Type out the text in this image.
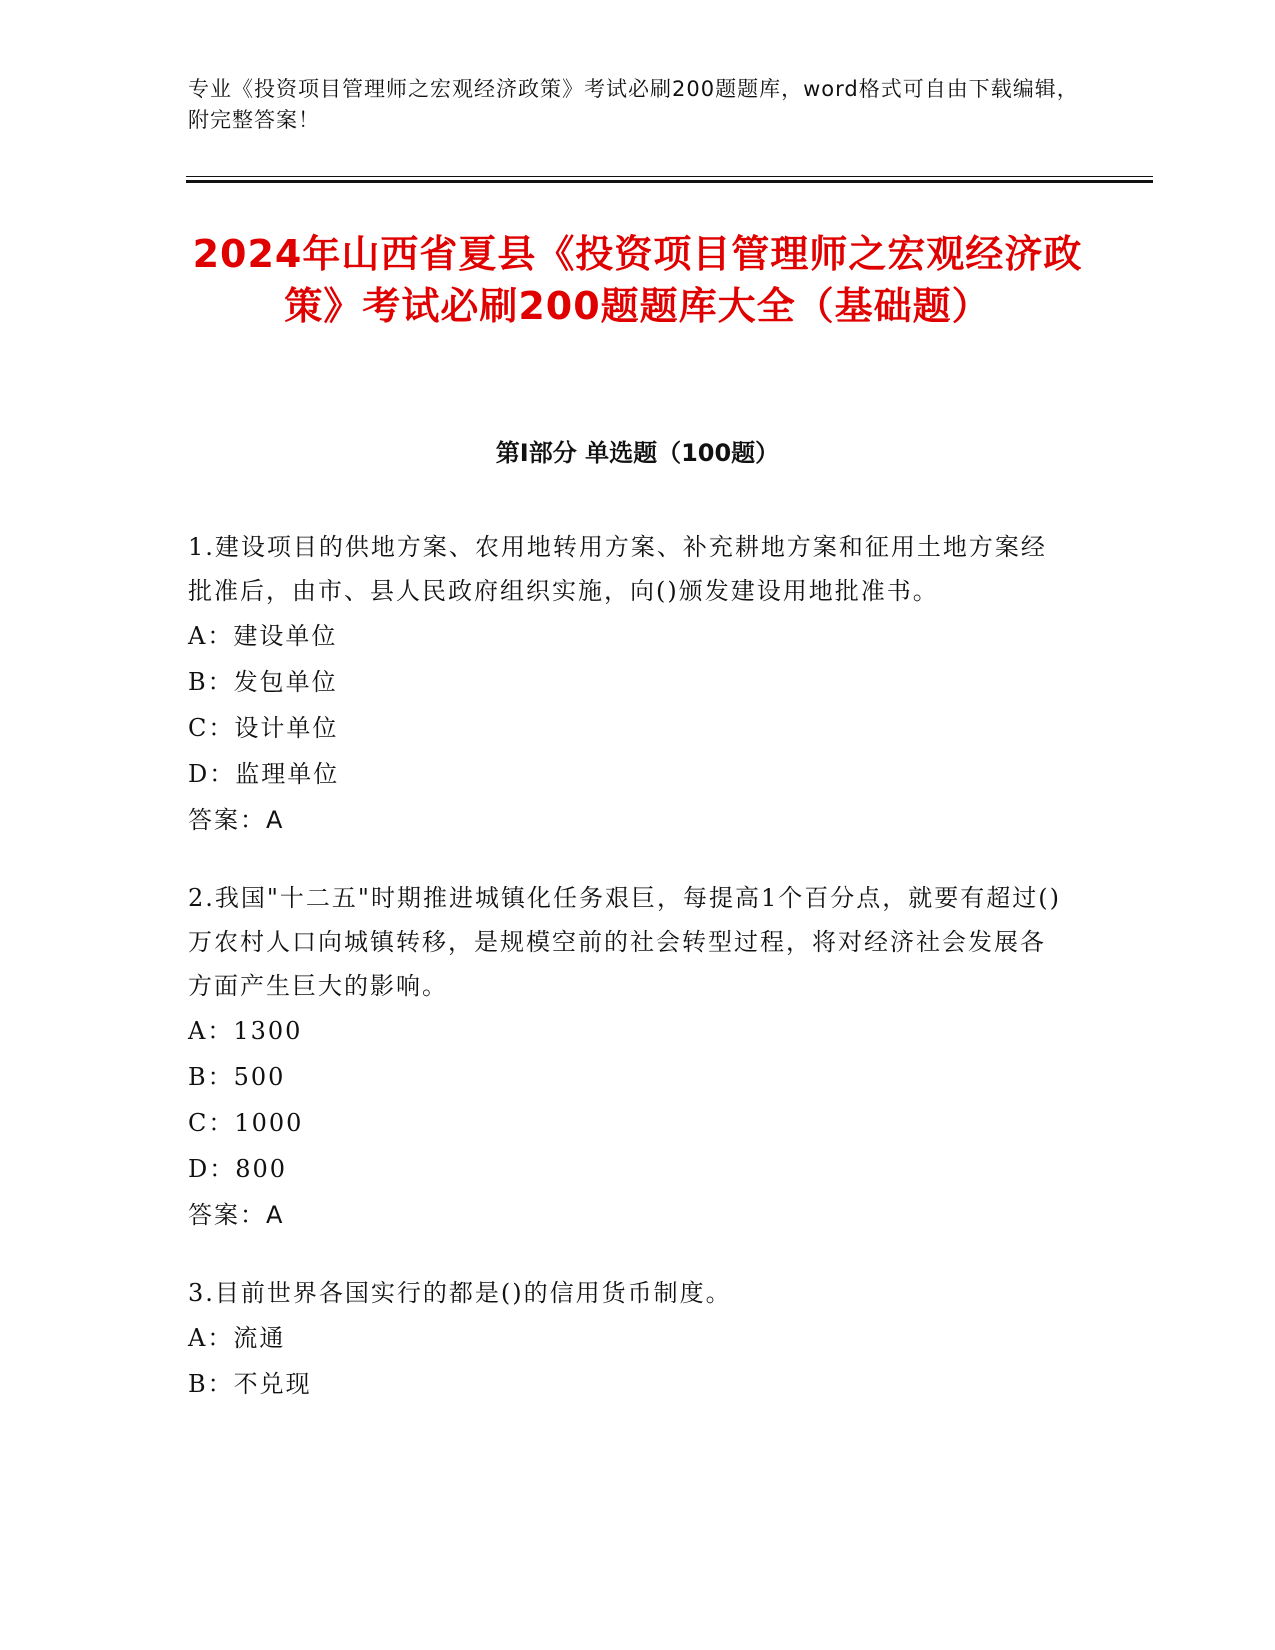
专业《投资项目管理师之宏观经济政策》考试必刷200题题库，word格式可自由下载编辑，附完整答案！
2024年山西省夏县《投资项目管理师之宏观经济政策》考试必刷200题题库大全（基础题）
第I部分 单选题（100题）

1.建设项目的供地方案、农用地转用方案、补充耕地方案和征用土地方案经批准后，由市、县人民政府组织实施，向()颁发建设用地批准书。

A：建设单位

B：发包单位

C：设计单位

D：监理单位

答案：A

2.我国"十二五"时期推进城镇化任务艰巨，每提高1个百分点，就要有超过()万农村人口向城镇转移，是规模空前的社会转型过程，将对经济社会发展各方面产生巨大的影响。

A：1300

B：500

C：1000

D：800

答案：A

3.目前世界各国实行的都是()的信用货币制度。

A：流通

B：不兑现
